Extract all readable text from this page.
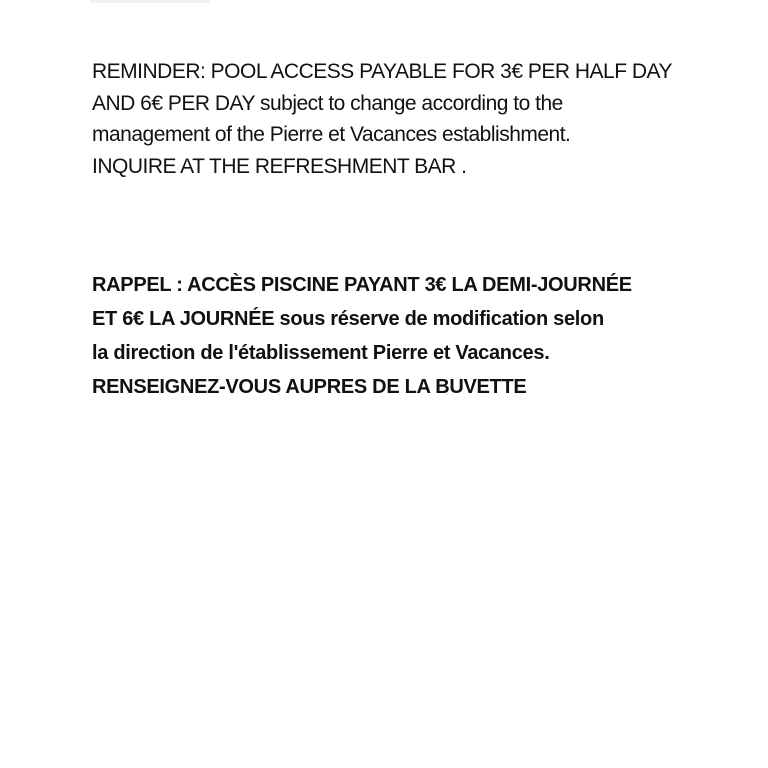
REMINDER: POOL ACCESS PAYABLE FOR 3€ PER HALF DAY
AND 6€ PER DAY subject to change according to the
management of the Pierre et Vacances establishment.
INQUIRE AT THE REFRESHMENT BAR .
RAPPEL : ACCÈS PISCINE PAYANT 3€ LA DEMI-JOURNÉE
ET 6€ LA JOURNÉE sous réserve de modification selon
la direction de l'établissement Pierre et Vacances.
RENSEIGNEZ-VOUS AUPRES DE LA BUVETTE
